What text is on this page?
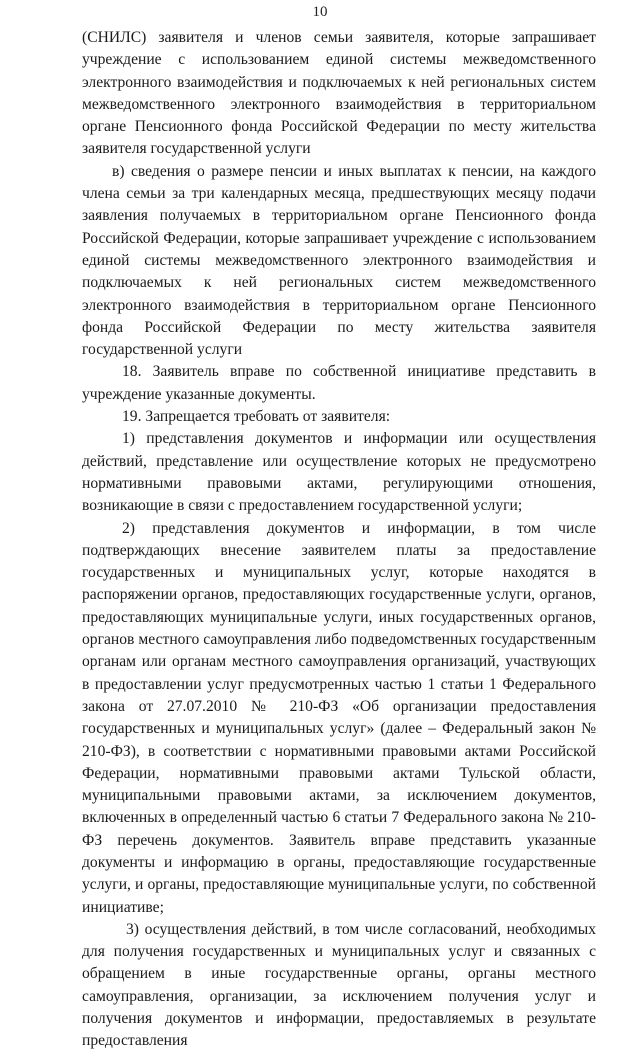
10

(СНИЛС) заявителя и членов семьи заявителя, которые запрашивает учреждение с использованием единой системы межведомственного электронного взаимодействия и подключаемых к ней региональных систем межведомственного электронного взаимодействия в территориальном органе Пенсионного фонда Российской Федерации по месту жительства заявителя государственной услуги

в) сведения о размере пенсии и иных выплатах к пенсии, на каждого члена семьи за три календарных месяца, предшествующих месяцу подачи заявления получаемых в территориальном органе Пенсионного фонда Российской Федерации, которые запрашивает учреждение с использованием единой системы межведомственного электронного взаимодействия и подключаемых к ней региональных систем межведомственного электронного взаимодействия в территориальном органе Пенсионного фонда Российской Федерации по месту жительства заявителя государственной услуги

18. Заявитель вправе по собственной инициативе представить в учреждение указанные документы.

19. Запрещается требовать от заявителя:

1) представления документов и информации или осуществления действий, представление или осуществление которых не предусмотрено нормативными правовыми актами, регулирующими отношения, возникающие в связи с предоставлением государственной услуги;

2) представления документов и информации, в том числе подтверждающих внесение заявителем платы за предоставление государственных и муниципальных услуг, которые находятся в распоряжении органов, предоставляющих государственные услуги, органов, предоставляющих муниципальные услуги, иных государственных органов, органов местного самоуправления либо подведомственных государственным органам или органам местного самоуправления организаций, участвующих в предоставлении услуг предусмотренных частью 1 статьи 1 Федерального закона от 27.07.2010 № 210-ФЗ «Об организации предоставления государственных и муниципальных услуг» (далее – Федеральный закон № 210-ФЗ), в соответствии с нормативными правовыми актами Российской Федерации, нормативными правовыми актами Тульской области, муниципальными правовыми актами, за исключением документов, включенных в определенный частью 6 статьи 7 Федерального закона № 210-ФЗ перечень документов. Заявитель вправе представить указанные документы и информацию в органы, предоставляющие государственные услуги, и органы, предоставляющие муниципальные услуги, по собственной инициативе;

3) осуществления действий, в том числе согласований, необходимых для получения государственных и муниципальных услуг и связанных с обращением в иные государственные органы, органы местного самоуправления, организации, за исключением получения услуг и получения документов и информации, предоставляемых в результате предоставления
